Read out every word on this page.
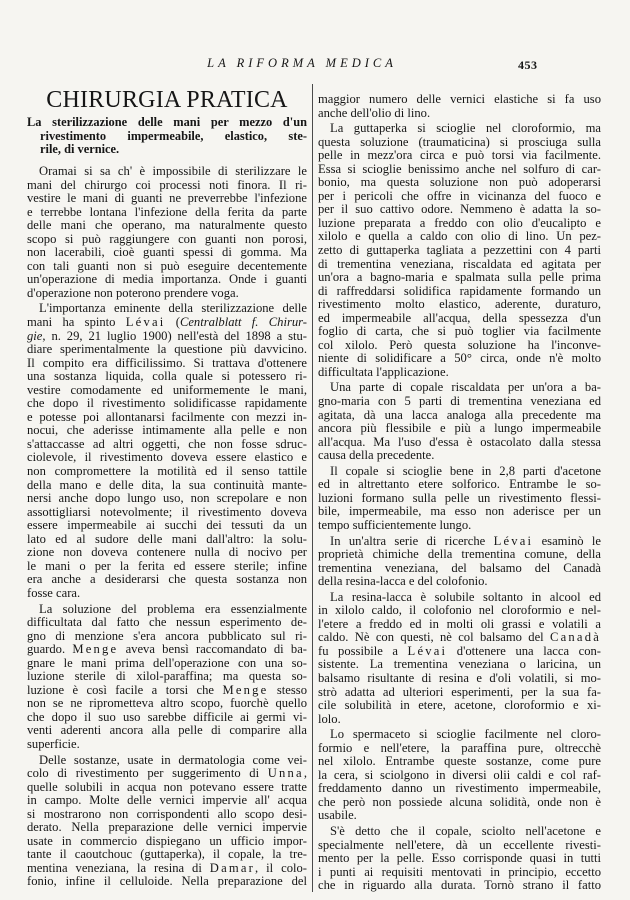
LA RIFORMA MEDICA	453
CHIRURGIA PRATICA
La sterilizzazione delle mani per mezzo d'un
rivestimento impermeabile, elastico, ste-
rile, di vernice.
Oramai si sa ch' è impossibile di sterilizzare le
mani del chirurgo coi processi noti finora. Il ri-
vestire le mani di guanti ne preverrebbe l'infezione
e terrebbe lontana l'infezione della ferita da parte
delle mani che operano, ma naturalmente questo
scopo si può raggiungere con guanti non porosi,
non lacerabili, cioè guanti spessi di gomma. Ma
con tali guanti non si può eseguire decentemente
un'operazione di media importanza. Onde i guanti
d'operazione non poterono prendere voga.
L'importanza eminente della sterilizzazione delle
mani ha spinto Lévai (Centralblatt f. Chirur-
gie, n. 29, 21 luglio 1900) nell'està del 1898 a stu-
diare sperimentalmente la questione più davvicino.
Il compito era difficilissimo. Si trattava d'ottenere
una sostanza liquida, colla quale si potessero ri-
vestire comodamente ed uniformemente le mani,
che dopo il rivestimento solidificasse rapidamente
e potesse poi allontanarsi facilmente con mezzi in-
nocui, che aderisse intimamente alla pelle e non
s'attaccasse ad altri oggetti, che non fosse sdruc-
ciolevole, il rivestimento doveva essere elastico e
non compromettere la motilità ed il senso tattile
della mano e delle dita, la sua continuità mante-
nersi anche dopo lungo uso, non screpolare e non
assottigliarsi notevolmente; il rivestimento doveva
essere impermeabile ai succhi dei tessuti da un
lato ed al sudore delle mani dall'altro: la solu-
zione non doveva contenere nulla di nocivo per
le mani o per la ferita ed essere sterile; infine
era anche a desiderarsi che questa sostanza non
fosse cara.
La soluzione del problema era essenzialmente
difficultata dal fatto che nessun esperimento de-
gno di menzione s'era ancora pubblicato sul ri-
guardo. Menge aveva bensì raccomandato di ba-
gnare le mani prima dell'operazione con una so-
luzione sterile di xilol-paraffina; ma questa so-
luzione è così facile a torsi che Menge stesso
non se ne riprometteva altro scopo, fuorchè quello
che dopo il suo uso sarebbe difficile ai germi vi-
venti aderenti ancora alla pelle di comparire alla
superficie.
Delle sostanze, usate in dermatologia come vei-
colo di rivestimento per suggerimento di Unna,
quelle solubili in acqua non potevano essere tratte
in campo. Molte delle vernici impervie all' acqua
si mostrarono non corrispondenti allo scopo desi-
derato. Nella preparazione delle vernici impervie
usate in commercio dispiegano un ufficio impor-
tante il caoutchouc (guttaperka), il copale, la tre-
mentina veneziana, la resina di Damar, il colo-
fonio, infine il celluloide. Nella preparazione del
maggior numero delle vernici elastiche si fa uso
anche dell'olio di lino.
La guttaperka si scioglie nel cloroformio, ma
questa soluzione (traumaticina) si prosciuga sulla
pelle in mezz'ora circa e può torsi via facilmente.
Essa si scioglie benissimo anche nel solfuro di car-
bonio, ma questa soluzione non può adoperarsi
per i pericoli che offre in vicinanza del fuoco e
per il suo cattivo odore. Nemmeno è adatta la so-
luzione preparata a freddo con olio d'eucalipto e
xilolo e quella a caldo con olio di lino. Un pez-
zetto di guttaperka tagliata a pezzettini con 4 parti
di trementina veneziana, riscaldata ed agitata per
un'ora a bagno-maria e spalmata sulla pelle prima
di raffreddarsi solidifica rapidamente formando un
rivestimento molto elastico, aderente, duraturo,
ed impermeabile all'acqua, della spessezza d'un
foglio di carta, che si può toglier via facilmente
col xilolo. Però questa soluzione ha l'inconve-
niente di solidificare a 50° circa, onde n'è molto
difficultata l'applicazione.
Una parte di copale riscaldata per un'ora a ba-
gno-maria con 5 parti di trementina veneziana ed
agitata, dà una lacca analoga alla precedente ma
ancora più flessibile e più a lungo impermeabile
all'acqua. Ma l'uso d'essa è ostacolato dalla stessa
causa della precedente.
Il copale si scioglie bene in 2,8 parti d'acetone
ed in altrettanto etere solforico. Entrambe le so-
luzioni formano sulla pelle un rivestimento flessi-
bile, impermeabile, ma esso non aderisce per un
tempo sufficientemente lungo.
In un'altra serie di ricerche Lévai esaminò le
proprietà chimiche della trementina comune, della
trementina veneziana, del balsamo del Canadà
della resina-lacca e del colofonio.
La resina-lacca è solubile soltanto in alcool ed
in xilolo caldo, il colofonio nel cloroformio e nel-
l'etere a freddo ed in molti oli grassi e volatili a
caldo. Nè con questi, nè col balsamo del Canadà
fu possibile a Lévai d'ottenere una lacca con-
sistente. La trementina veneziana o laricina, un
balsamo risultante di resina e d'oli volatili, si mo-
strò adatta ad ulteriori esperimenti, per la sua fa-
cile solubilità in etere, acetone, cloroformio e xi-
lolo.
Lo spermaceto si scioglie facilmente nel cloro-
formio e nell'etere, la paraffina pure, oltrecchè
nel xilolo. Entrambe queste sostanze, come pure
la cera, si sciolgono in diversi olii caldi e col raf-
freddamento danno un rivestimento impermeabile,
che però non possiede alcuna solidità, onde non è
usabile.
S'è detto che il copale, sciolto nell'acetone e
specialmente nell'etere, dà un eccellente rivesti-
mento per la pelle. Esso corrisponde quasi in tutti
i punti ai requisiti mentovati in principio, eccetto
che in riguardo alla durata. Tornò strano il fatto
